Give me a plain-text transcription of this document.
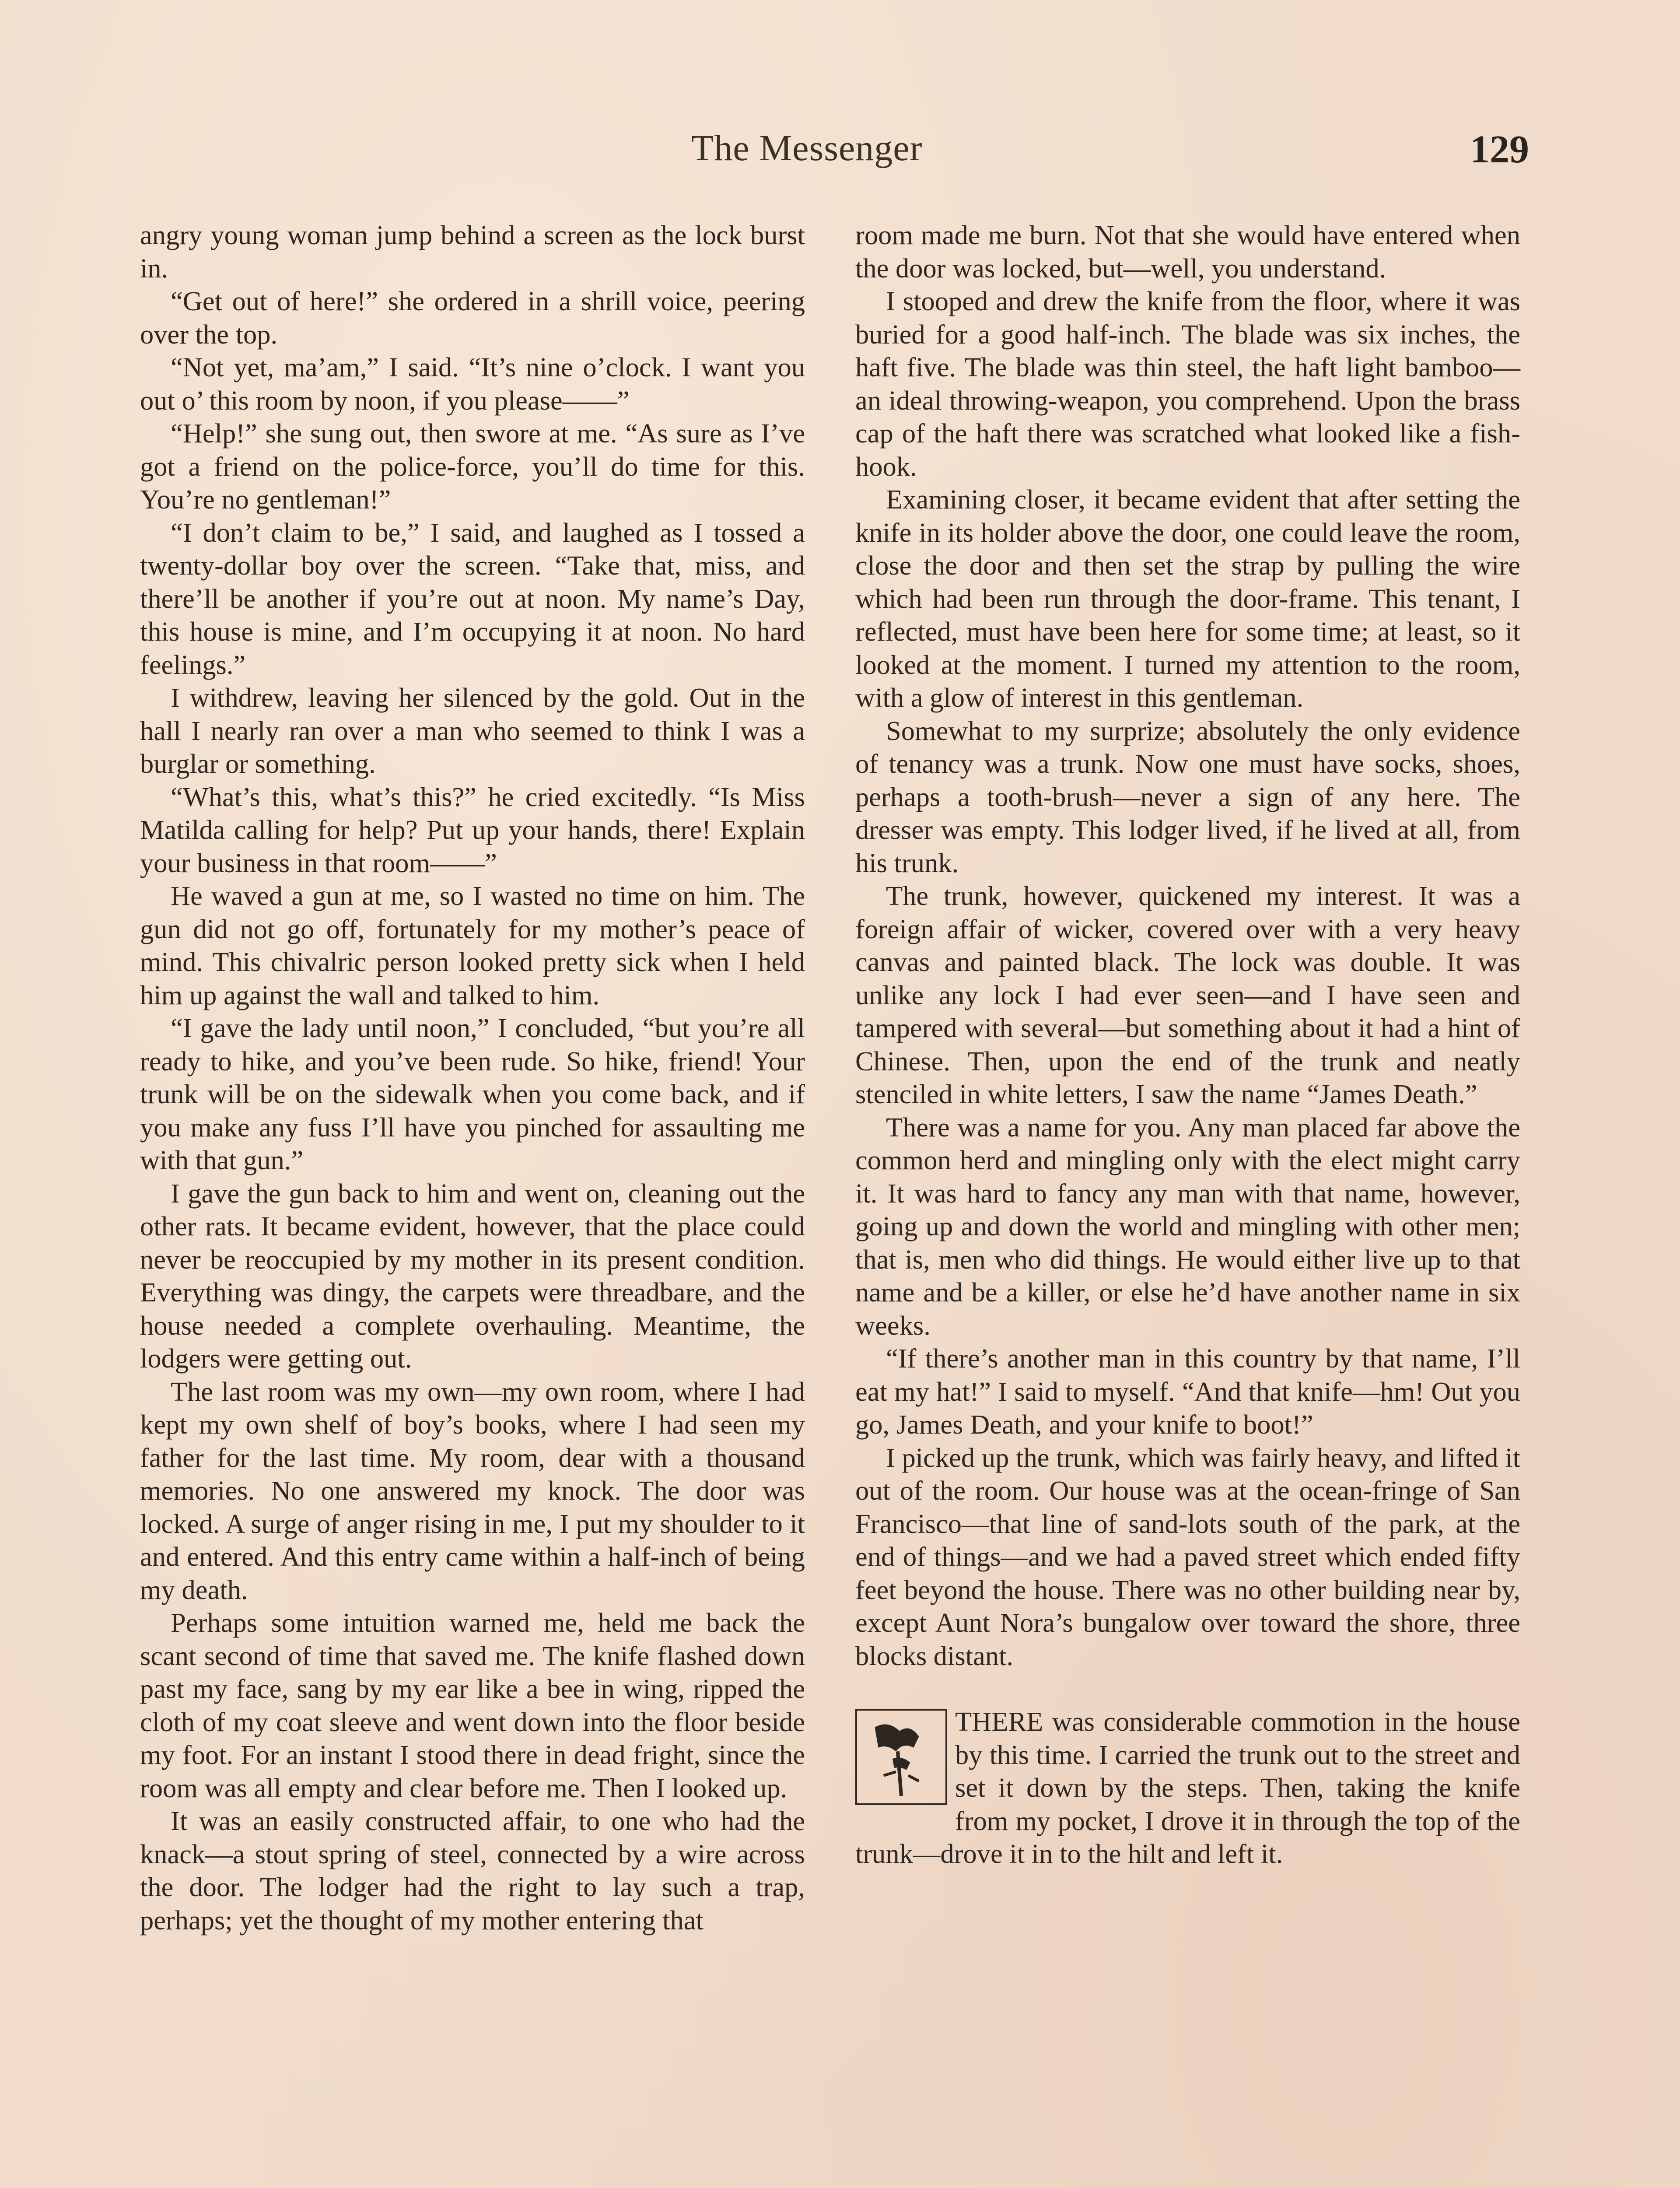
The Messenger	129

angry young woman jump behind a screen as the lock burst in.

“Get out of here!” she ordered in a shrill voice, peering over the top.

“Not yet, ma’am,” I said. “It’s nine o’clock. I want you out o’ this room by noon, if you please——”

“Help!” she sung out, then swore at me. “As sure as I’ve got a friend on the police-force, you’ll do time for this. You’re no gentleman!”

“I don’t claim to be,” I said, and laughed as I tossed a twenty-dollar boy over the screen. “Take that, miss, and there’ll be another if you’re out at noon. My name’s Day, this house is mine, and I’m occupying it at noon. No hard feelings.”

I withdrew, leaving her silenced by the gold. Out in the hall I nearly ran over a man who seemed to think I was a burglar or something.

“What’s this, what’s this?” he cried excitedly. “Is Miss Matilda calling for help? Put up your hands, there! Explain your business in that room——”

He waved a gun at me, so I wasted no time on him. The gun did not go off, fortunately for my mother’s peace of mind. This chivalric person looked pretty sick when I held him up against the wall and talked to him.

“I gave the lady until noon,” I concluded, “but you’re all ready to hike, and you’ve been rude. So hike, friend! Your trunk will be on the sidewalk when you come back, and if you make any fuss I’ll have you pinched for assaulting me with that gun.”

I gave the gun back to him and went on, cleaning out the other rats. It became evident, however, that the place could never be reoccupied by my mother in its present condition. Everything was dingy, the carpets were threadbare, and the house needed a complete overhauling. Meantime, the lodgers were getting out.

The last room was my own—my own room, where I had kept my own shelf of boy’s books, where I had seen my father for the last time. My room, dear with a thousand memories. No one answered my knock. The door was locked. A surge of anger rising in me, I put my shoulder to it and entered. And this entry came within a half-inch of being my death.

Perhaps some intuition warned me, held me back the scant second of time that saved me. The knife flashed down past my face, sang by my ear like a bee in wing, ripped the cloth of my coat sleeve and went down into the floor beside my foot. For an instant I stood there in dead fright, since the room was all empty and clear before me. Then I looked up.

It was an easily constructed affair, to one who had the knack—a stout spring of steel, connected by a wire across the door. The lodger had the right to lay such a trap, perhaps; yet the thought of my mother entering that

room made me burn. Not that she would have entered when the door was locked, but—well, you understand.

I stooped and drew the knife from the floor, where it was buried for a good half-inch. The blade was six inches, the haft five. The blade was thin steel, the haft light bamboo—an ideal throwing-weapon, you comprehend. Upon the brass cap of the haft there was scratched what looked like a fish-hook.

Examining closer, it became evident that after setting the knife in its holder above the door, one could leave the room, close the door and then set the strap by pulling the wire which had been run through the door-frame. This tenant, I reflected, must have been here for some time; at least, so it looked at the moment. I turned my attention to the room, with a glow of interest in this gentleman.

Somewhat to my surprize; absolutely the only evidence of tenancy was a trunk. Now one must have socks, shoes, perhaps a tooth-brush—never a sign of any here. The dresser was empty. This lodger lived, if he lived at all, from his trunk.

The trunk, however, quickened my interest. It was a foreign affair of wicker, covered over with a very heavy canvas and painted black. The lock was double. It was unlike any lock I had ever seen—and I have seen and tampered with several—but something about it had a hint of Chinese. Then, upon the end of the trunk and neatly stenciled in white letters, I saw the name “James Death.”

There was a name for you. Any man placed far above the common herd and mingling only with the elect might carry it. It was hard to fancy any man with that name, however, going up and down the world and mingling with other men; that is, men who did things. He would either live up to that name and be a killer, or else he’d have another name in six weeks.

“If there’s another man in this country by that name, I’ll eat my hat!” I said to myself. “And that knife—hm! Out you go, James Death, and your knife to boot!”

I picked up the trunk, which was fairly heavy, and lifted it out of the room. Our house was at the ocean-fringe of San Francisco—that line of sand-lots south of the park, at the end of things—and we had a paved street which ended fifty feet beyond the house. There was no other building near by, except Aunt Nora’s bungalow over toward the shore, three blocks distant.

THERE was considerable commotion in the house by this time. I carried the trunk out to the street and set it down by the steps. Then, taking the knife from my pocket, I drove it in through the top of the trunk—drove it in to the hilt and left it.
